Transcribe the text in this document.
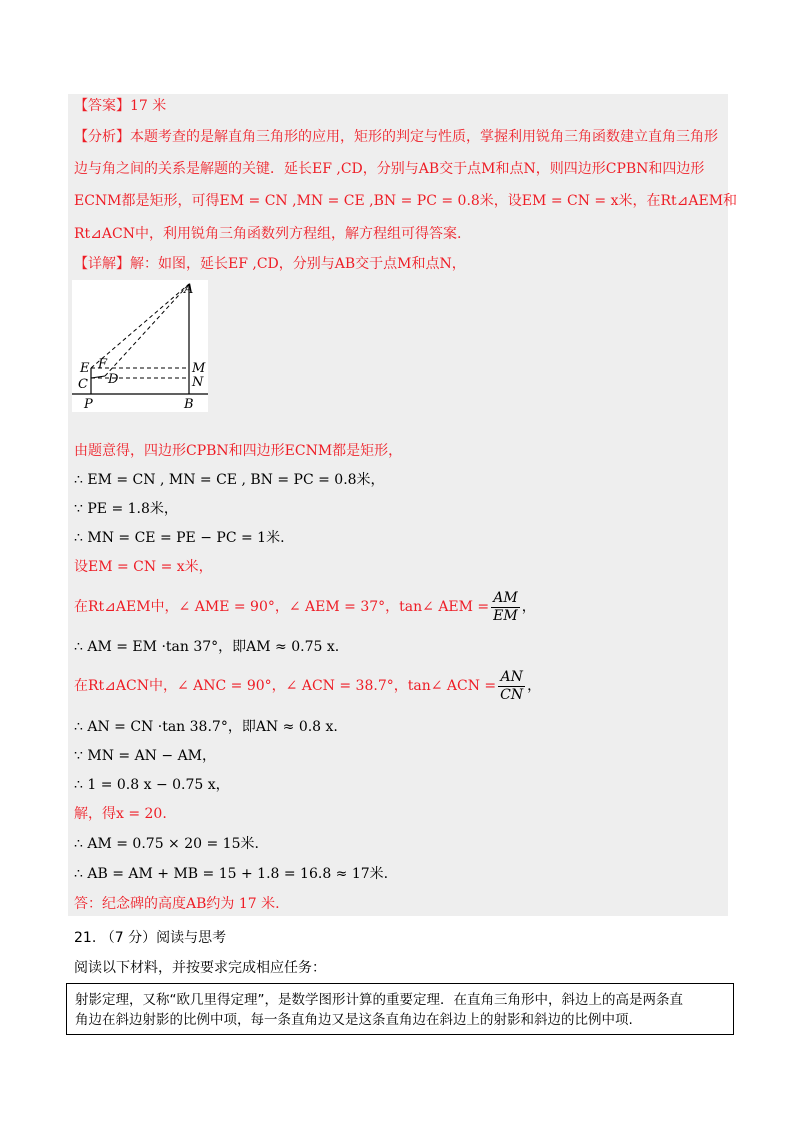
【答案】17 米
【分析】本题考查的是解直角三角形的应用，矩形的判定与性质，掌握利用锐角三角函数建立直角三角形
边与角之间的关系是解题的关键．延长EF ,CD，分别与AB交于点M和点N，则四边形CPBN和四边形
ECNM都是矩形，可得EM = CN ,MN = CE ,BN = PC = 0.8米，设EM = CN = x米，在Rt⊿AEM和
Rt⊿ACN中，利用锐角三角函数列方程组，解方程组可得答案.
【详解】解：如图，延长EF ,CD，分别与AB交于点M和点N，
A
M
N
E F
D
C
P	B
由题意得，四边形CPBN和四边形ECNM都是矩形，
∴ EM = CN , MN = CE , BN = PC = 0.8米，
∵ PE = 1.8米，
∴ MN = CE = PE − PC = 1米.
设EM = CN = x米，
在Rt⊿AEM中，∠ AME = 90°，∠ AEM = 37°，tan∠ AEM = $\frac{AM}{EM}$ ，
∴ AM = EM ·tan 37°，即AM ≈ 0.75 x.
在Rt⊿ACN中，∠ ANC = 90°，∠ ACN = 38.7°，tan∠ ACN = $\frac{AN}{CN}$ ，
∴ AN = CN ·tan 38.7°，即AN ≈ 0.8 x.
∵ MN = AN − AM，
∴ 1 = 0.8 x − 0.75 x，
解，得x = 20.
∴ AM = 0.75 × 20 = 15米.
∴ AB = AM + MB = 15 + 1.8 = 16.8 ≈ 17米.
答：纪念碑的高度AB约为 17 米.
21. （7 分）阅读与思考
阅读以下材料，并按要求完成相应任务：
射影定理，又称“欧几里得定理”，是数学图形计算的重要定理．在直角三角形中，斜边上的高是两条直
角边在斜边射影的比例中项，每一条直角边又是这条直角边在斜边上的射影和斜边的比例中项.
